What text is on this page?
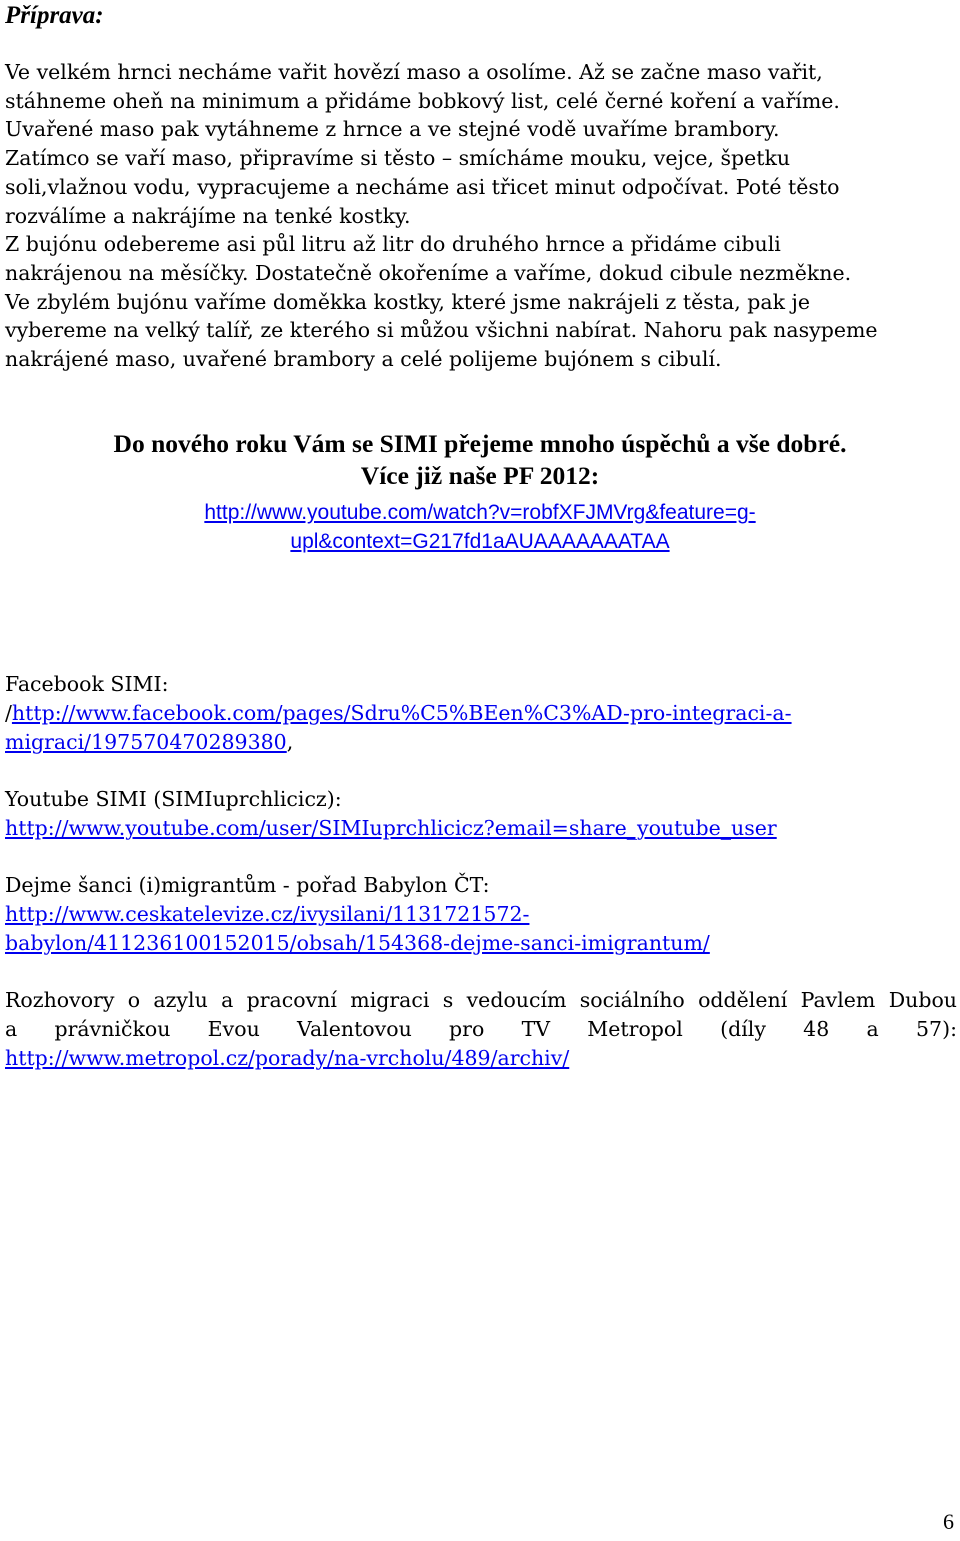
Příprava:
Ve velkém hrnci necháme vařit hovězí maso a osolíme. Až se začne maso vařit,
stáhneme oheň na minimum a přidáme bobkový list, celé černé koření a vaříme.
Uvařené maso pak vytáhneme z hrnce a ve stejné vodě uvaříme brambory.
Zatímco se vaří maso, připravíme si těsto – smícháme mouku, vejce, špetku
soli,vlažnou vodu, vypracujeme a necháme asi třicet minut odpočívat. Poté těsto
rozválíme a nakrájíme na tenké kostky.
Z bujónu odebereme asi půl litru až litr do druhého hrnce a přidáme cibuli
nakrájenou na měsíčky. Dostatečně okořeníme a vaříme, dokud cibule nezměkne.
Ve zbylém bujónu vaříme doměkka kostky, které jsme nakrájeli z těsta, pak je
vybereme na velký talíř, ze kterého si můžou všichni nabírat. Nahoru pak nasypeme
nakrájené maso, uvařené brambory a celé polijeme bujónem s cibulí.
Do nového roku Vám se SIMI přejeme mnoho úspěchů a vše dobré.
Více již naše PF 2012:
http://www.youtube.com/watch?v=robfXFJMVrg&feature=g-
upl&context=G217fd1aAUAAAAAAATAA
Facebook SIMI:
/http://www.facebook.com/pages/Sdru%C5%BEen%C3%AD-pro-integraci-a-
migraci/197570470289380,
Youtube SIMI (SIMIuprchlicicz):
http://www.youtube.com/user/SIMIuprchlicicz?email=share_youtube_user
Dejme šanci (i)migrantům - pořad Babylon ČT:
http://www.ceskatelevize.cz/ivysilani/1131721572-
babylon/411236100152015/obsah/154368-dejme-sanci-imigrantum/
Rozhovory o azylu a pracovní migraci s vedoucím sociálního oddělení Pavlem Dubou
a právničkou Evou Valentovou pro TV Metropol (díly 48 a 57):
http://www.metropol.cz/porady/na-vrcholu/489/archiv/
6
